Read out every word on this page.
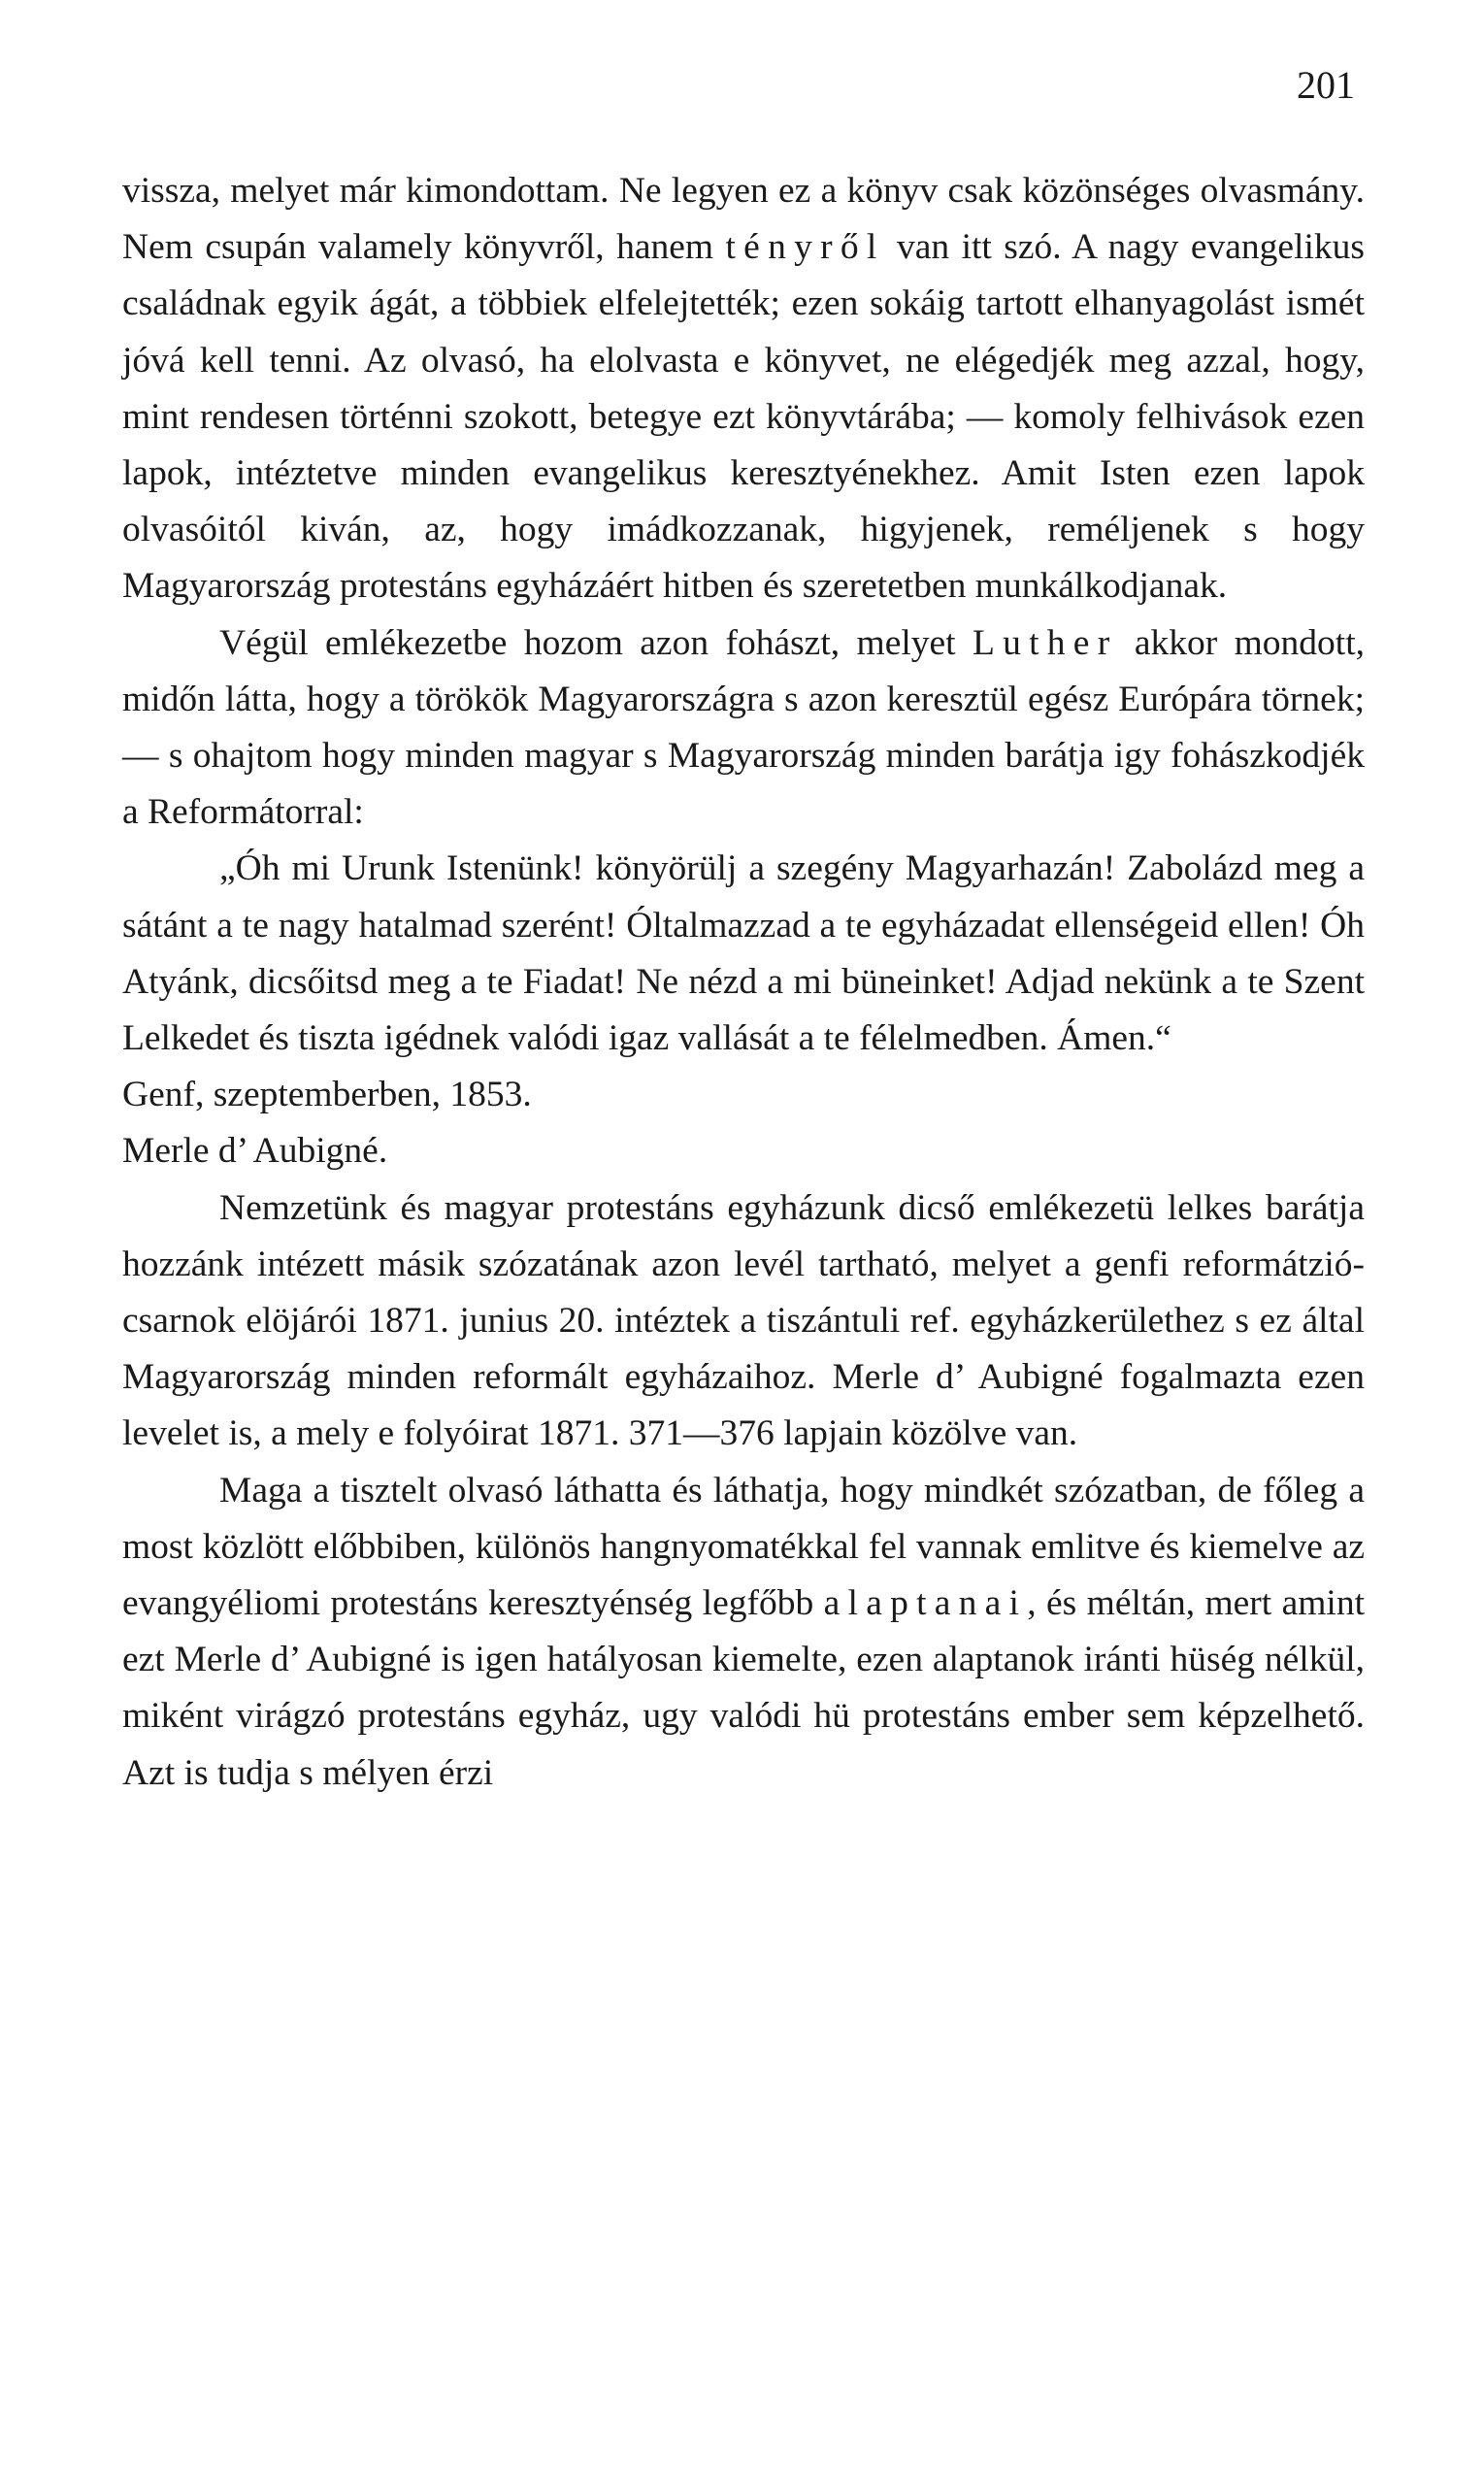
201

vissza, melyet már kimondottam. Ne legyen ez a könyv csak közönséges olvasmány. Nem csupán valamely könyvről, hanem tényről van itt szó. A nagy evangelikus családnak egyik ágát, a többiek elfelejtették; ezen sokáig tartott elhanyagolást ismét jóvá kell tenni. Az olvasó, ha elolvasta e könyvet, ne elégedjék meg azzal, hogy, mint rendesen történni szokott, betegye ezt könyvtárába; — komoly felhivások ezen lapok, intéztetve minden evangelikus keresztyénekhez. Amit Isten ezen lapok olvasóitól kiván, az, hogy imádkozzanak, higyjenek, reméljenek s hogy Magyarország protestáns egyházáért hitben és szeretetben munkálkodjanak.

Végül emlékezetbe hozom azon fohászt, melyet Luther akkor mondott, midőn látta, hogy a törökök Magyarországra s azon keresztül egész Európára törnek; — s ohajtom hogy minden magyar s Magyarország minden barátja igy fohászkodjék a Reformátorral:

„Óh mi Urunk Istenünk! könyörülj a szegény Magyarhazán! Zabolázd meg a sátánt a te nagy hatalmad szerént! Óltalmazzad a te egyházadat ellenségeid ellen! Óh Atyánk, dicsőitsd meg a te Fiadat! Ne nézd a mi büneinket! Adjad nekünk a te Szent Lelkedet és tiszta igédnek valódi igaz vallását a te félelmedben. Ámen.“

Genf, szeptemberben, 1853.

Merle d’ Aubigné.

Nemzetünk és magyar protestáns egyházunk dicső emlékezetü lelkes barátja hozzánk intézett másik szózatának azon levél tartható, melyet a genfi reformátzió-csarnok elöjárói 1871. junius 20. intéztek a tiszántuli ref. egyházkerülethez s ez által Magyarország minden reformált egyházaihoz. Merle d’ Aubigné fogalmazta ezen levelet is, a mely e folyóirat 1871. 371—376 lapjain közölve van.

Maga a tisztelt olvasó láthatta és láthatja, hogy mindkét szózatban, de főleg a most közlött előbbiben, különös hangnyomatékkal fel vannak emlitve és kiemelve az evangyéliomi protestáns keresztyénség legfőbb alaptanai, és méltán, mert amint ezt Merle d’ Aubigné is igen hatályosan kiemelte, ezen alaptanok iránti hüség nélkül, miként virágzó protestáns egyház, ugy valódi hü protestáns ember sem képzelhető. Azt is tudja s mélyen érzi
